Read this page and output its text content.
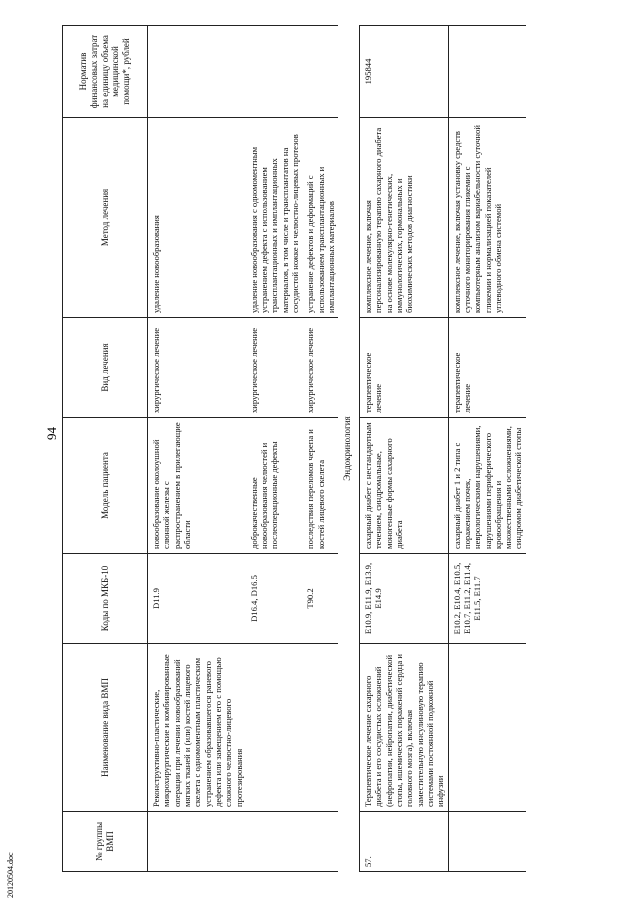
94
20120504.doc
№ группы ВМП	Наименование вида ВМП	Коды по МКБ-10	Модель пациента	Вид лечения	Метод лечения	Норматив финансовых затрат на единицу объема медицинской помощи*, рублей
	Реконструктивно-пластические, микрохирургические и комбинированные операции при лечении новообразований мягких тканей и (или) костей лицевого скелета с одномоментным пластическим устранением образовавшегося раневого дефекта или замещением его с помощью сложного челюстно-лицевого протезирования	D11.9	новообразование околоушной слюнной железы с распространением в прилегающие области	хирургическое лечение	удаление новообразования	
		D16.4, D16.5	доброкачественные новообразования челюстей и послеоперационные дефекты	хирургическое лечение	удаление новообразования с одномоментным устранением дефекта с использованием трансплантационных и имплантационных материалов, в том числе и трансплантатов на сосудистой ножке и челюстно-лицевых протезов	
		T90.2	последствия переломов черепа и костей лицевого скелета	хирургическое лечение	устранение дефектов и деформаций с использованием трансплантационных и имплантационных материалов	
Эндокринология						
57.	Терапевтическое лечение сахарного диабета и его сосудистых осложнений (нефропатии, нейропатии, диабетической стопы, ишемических поражений сердца и головного мозга), включая заместительную инсулиновую терапию системами постоянной подкожной инфузии	E10.9, E11.9, E13.9, E14.9	сахарный диабет с нестандартным течением, синдромальные, моногенные формы сахарного диабета	терапевтическое лечение	комплексное лечение, включая персонализированную терапию сахарного диабета на основе молекулярно-генетических, иммунологических, гормональных и биохимических методов диагностики	195844
		E10.2, E10.4, E10.5, E10.7, E11.2, E11.4, E11.5, E11.7	сахарный диабет 1 и 2 типа с поражением почек, неврологическими нарушениями, нарушениями периферического кровообращения и множественными осложнениями, синдромом диабетической стопы	терапевтическое лечение	комплексное лечение, включая установку средств суточного мониторирования гликемии с компьютерным анализом вариабельности суточной гликемии и нормализацией показателей углеводного обмена системой	
